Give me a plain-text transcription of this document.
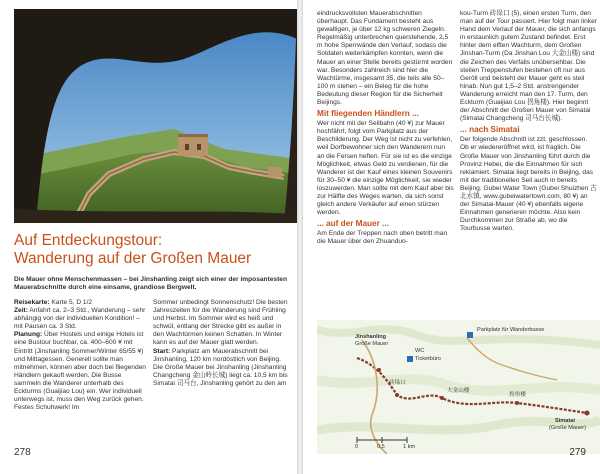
Auf Entdeckungstour:
Wanderung auf der Großen Mauer
Die Mauer ohne Menschenmassen – bei Jinshanling zeigt sich einer der imposantesten Mauerabschnitte durch eine einsame, grandiose Bergwelt.
Reisekarte: Karte 5, D 1/2
Zeit: Anfahrt ca. 2–3 Std., Wanderung – sehr abhängig von der individuellen Kondition! – mit Pausen ca. 3 Std.
Planung: Über Hostels und einige Hotels ist eine Bustour buchbar, ca. 400–600 ¥ mit Eintritt (Jinshanling Sommer/Winter 65/55 ¥) und Mittagessen. Generell sollte man mitnehmen, können aber doch bei fliegenden Händlern gekauft werden. Die Busse sammeln die Wanderer unterhalb des Eckturms (Guaijiao Lou) ein. Wer individuell unterwegs ist, muss den Weg zurück gehen. Festes Schuhwerk! Im
Sommer unbedingt Sonnenschutz! Die besten Jahreszeiten für die Wanderung sind Frühling und Herbst. Im Sommer wird es heiß und schwül, entlang der Strecke gibt es außer in den Wachtürmen keinen Schatten. In Winter kann es auf der Mauer glatt werden.
Start: Parkplatz am Mauerabschnitt bei Jinshanling, 120 km nordöstlich von Beijing.
Die Große Mauer bei Jinshanling (Jinshanling Changcheng 金山岭长城) liegt ca. 10,5 km bis Simatai 司马台, Jinshanling gehört zu den am
278
eindrucksvollsten Mauerabschnitten überhaupt. Das Fundament besteht aus gewaltigen, je über 12 kg schweren Ziegeln. Regelmäßig unterbrechen querstehende, 2,5 m hohe Sperrwände den Verlauf, sodass die Soldaten weiterkämpfen konnten, wenn die Mauer an einer Stelle bereits gestürmt worden war. Besonders zahlreich sind hier die Wachtürme, insgesamt 35, die teils alle 50–100 m stehen – ein Beleg für die hohe Bedeutung dieser Region für die Sicherheit Beijings.
Mit fliegenden Händlern ...
Wer nicht mit der Seilbahn (40 ¥) zur Mauer hochfährt, folgt vom Parkplatz aus der Beschilderung. Der Weg ist nicht zu verfehlen, weil Dorfbewohner sich den Wanderern nun an die Fersen heften. Für sie ist es die einzige Möglichkeit, etwas Geld zu verdienen, für die Wanderer ist der Kauf eines kleinen Souvenirs für 30–50 ¥ die einzige Möglichkeit, sie wieder loszuwerden. Man sollte mit dem Kauf aber bis zur Hälfte des Weges warten, da sich sonst gleich andere Verkäufer auf einen stürzen werden.
... auf der Mauer ...
Am Ende der Treppen nach oben betritt man die Mauer über den Zhuanduo-
kou-Turm 砖垛口 (5), einen ersten Turm, den man auf der Tour passiert. Hier folgt man linker Hand dem Verlauf der Mauer, die sich anfangs in erstaunlich gutem Zustand befindet. Erst hinter dem elften Wachturm, dem Großen Jinshan-Turm (Da Jinshan Lou 大金山楼) sind die Zeichen des Verfalls unübersehbar. Die steilen Treppenstufen bestehen oft nur aus Geröll und beisteht der Mauer geht es steil hinab. Nun gut 1,5–2 Std. anstrengender Wanderung erreicht man den 17. Turm, den Eckturm (Guaijiao Lou 拐角楼). Hier beginnt der Abschnitt der Großen Mauer von Simatai (Simatai Changcheng 司马台长城).
... nach Simatai
Der folgende Abschnitt ist zzt. geschlossen. Ob er wiedereröffnet wird, ist fraglich. Die Große Mauer von Jinshanling führt durch die Provinz Hebei, die die Einnahmen für sich reklamiert. Simatai liegt bereits in Beijing, das mit der traditionellen Seil auch in bereits Beijing. Gubei Water Town (Gubei Shuizhen 古北水镇, www.gubeiwatertown.com, 80 ¥) an der Simatai-Mauer (40 ¥) ebenfalls eigene Einnahmen generieren möchte. Also kein Durchkommen zur Straße ab, wo die Tourbusse warten.
Jinshanling
Große Mauer
Parkplatz für Wanderbusse
Ticketbüro
WC
砖垛口
大金山楼
拐角楼
Simatai
(Große Mauer)
0	0,5	1 km	279
